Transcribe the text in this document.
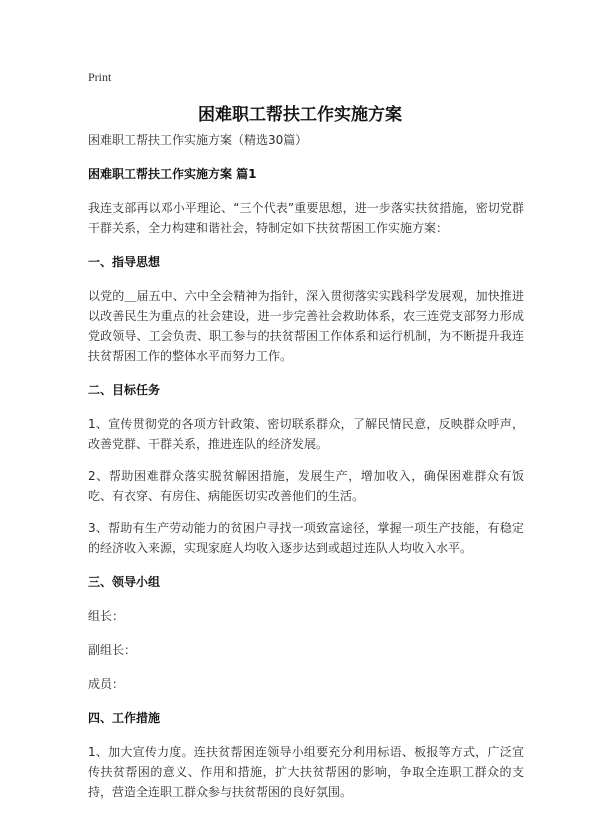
Print
困难职工帮扶工作实施方案
困难职工帮扶工作实施方案（精选30篇）
困难职工帮扶工作实施方案 篇1
我连支部再以邓小平理论、“三个代表”重要思想，进一步落实扶贫措施，密切党群干群关系，全力构建和谐社会，特制定如下扶贫帮困工作实施方案：
一、指导思想
以党的＿届五中、六中全会精神为指针，深入贯彻落实实践科学发展观，加快推进以改善民生为重点的社会建设，进一步完善社会救助体系，农三连党支部努力形成党政领导、工会负责、职工参与的扶贫帮困工作体系和运行机制，为不断提升我连扶贫帮困工作的整体水平而努力工作。
二、目标任务
1、宣传贯彻党的各项方针政策、密切联系群众，了解民情民意，反映群众呼声，改善党群、干群关系，推进连队的经济发展。
2、帮助困难群众落实脱贫解困措施，发展生产，增加收入，确保困难群众有饭吃、有衣穿、有房住、病能医切实改善他们的生活。
3、帮助有生产劳动能力的贫困户寻找一项致富途径，掌握一项生产技能，有稳定的经济收入来源，实现家庭人均收入逐步达到或超过连队人均收入水平。
三、领导小组
组长：
副组长：
成员：
四、工作措施
1、加大宣传力度。连扶贫帮困连领导小组要充分利用标语、板报等方式，广泛宣传扶贫帮困的意义、作用和措施，扩大扶贫帮困的影响，争取全连职工群众的支持，营造全连职工群众参与扶贫帮困的良好氛围。
